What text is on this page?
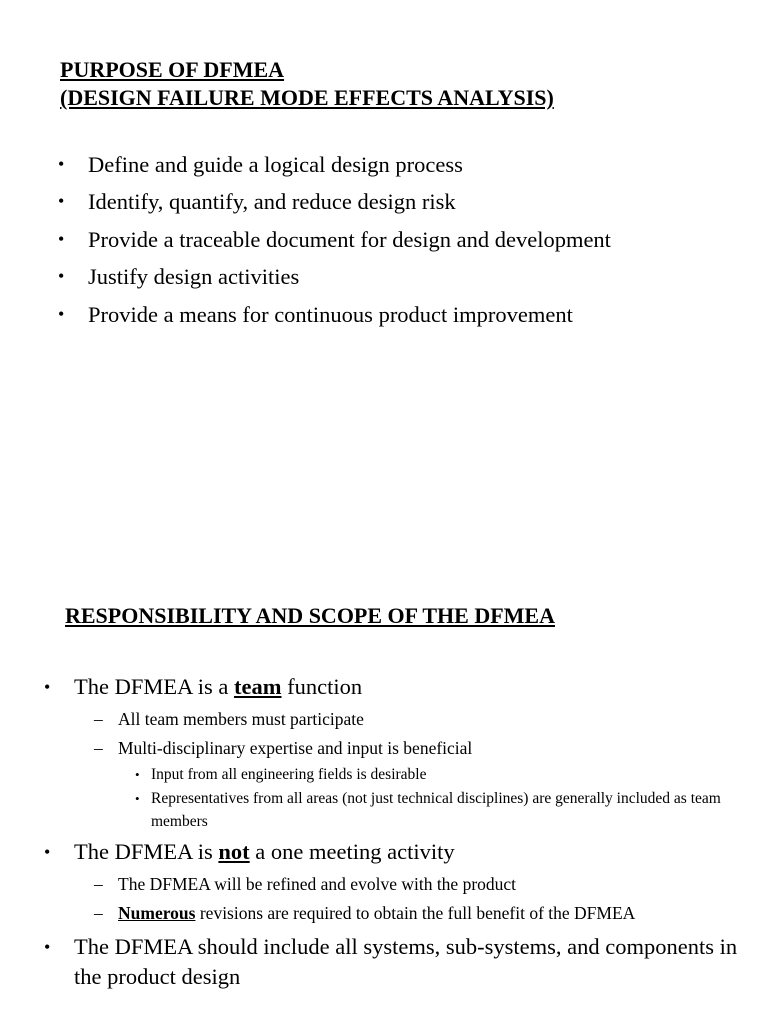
PURPOSE OF DFMEA
(DESIGN FAILURE MODE EFFECTS ANALYSIS)
• Define and guide a logical design process
• Identify, quantify, and reduce design risk
• Provide a traceable document for design and development
• Justify design activities
• Provide a means for continuous product improvement
RESPONSIBILITY AND SCOPE OF THE DFMEA
• The DFMEA is a team function
– All team members must participate
– Multi-disciplinary expertise and input is beneficial
• Input from all engineering fields is desirable
• Representatives from all areas (not just technical disciplines) are generally included as team members
• The DFMEA is not a one meeting activity
– The DFMEA will be refined and evolve with the product
– Numerous revisions are required to obtain the full benefit of the DFMEA
• The DFMEA should include all systems, sub-systems, and components in the product design
